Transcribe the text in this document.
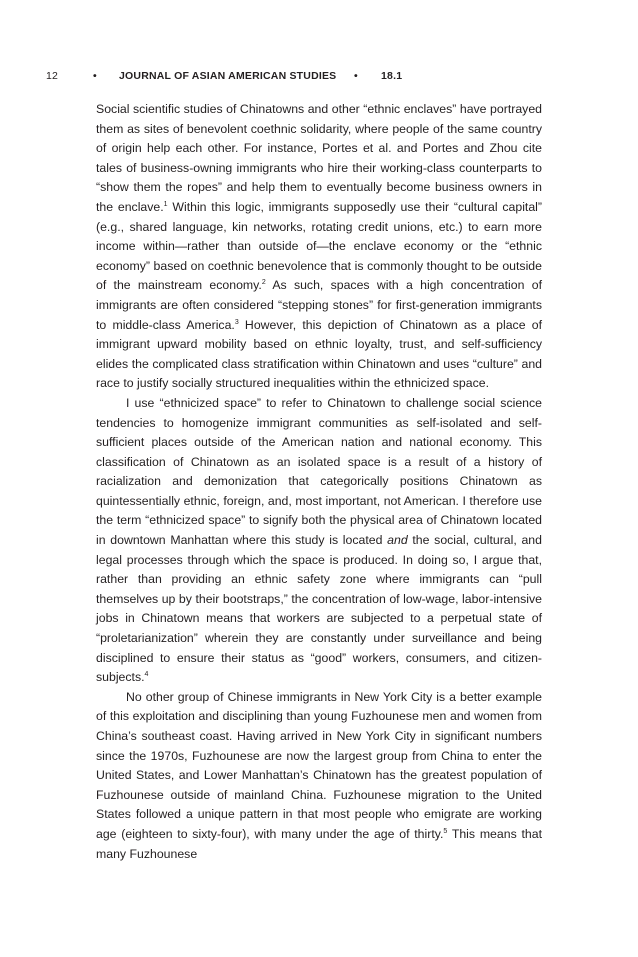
12	• JOURNAL OF ASIAN AMERICAN STUDIES • 18.1

Social scientific studies of Chinatowns and other “ethnic enclaves” have portrayed them as sites of benevolent coethnic solidarity, where people of the same country of origin help each other. For instance, Portes et al. and Portes and Zhou cite tales of business-owning immigrants who hire their working-class counterparts to “show them the ropes” and help them to eventually become business owners in the enclave.$^1$ Within this logic, immigrants supposedly use their “cultural capital” (e.g., shared language, kin networks, rotating credit unions, etc.) to earn more income within—rather than outside of—the enclave economy or the “ethnic economy” based on coethnic benevolence that is commonly thought to be outside of the mainstream economy.$^2$ As such, spaces with a high concentration of immigrants are often considered “stepping stones” for first-generation immigrants to middle-class America.$^3$ However, this depiction of Chinatown as a place of immigrant upward mobility based on ethnic loyalty, trust, and self-sufficiency elides the complicated class stratification within Chinatown and uses “culture” and race to justify socially structured inequalities within the ethnicized space.

I use “ethnicized space” to refer to Chinatown to challenge social science tendencies to homogenize immigrant communities as self-isolated and self-sufficient places outside of the American nation and national economy. This classification of Chinatown as an isolated space is a result of a history of racialization and demonization that categorically positions Chinatown as quintessentially ethnic, foreign, and, most important, not American. I therefore use the term “ethnicized space” to signify both the physical area of Chinatown located in downtown Manhattan where this study is located and the social, cultural, and legal processes through which the space is produced. In doing so, I argue that, rather than providing an ethnic safety zone where immigrants can “pull themselves up by their bootstraps,” the concentration of low-wage, labor-intensive jobs in Chinatown means that workers are subjected to a perpetual state of “proletarianization” wherein they are constantly under surveillance and being disciplined to ensure their status as “good” workers, consumers, and citizen-subjects.$^4$

No other group of Chinese immigrants in New York City is a better example of this exploitation and disciplining than young Fuzhounese men and women from China’s southeast coast. Having arrived in New York City in significant numbers since the 1970s, Fuzhounese are now the largest group from China to enter the United States, and Lower Manhattan’s Chinatown has the greatest population of Fuzhounese outside of mainland China. Fuzhounese migration to the United States followed a unique pattern in that most people who emigrate are working age (eighteen to sixty-four), with many under the age of thirty.$^5$ This means that many Fuzhounese
